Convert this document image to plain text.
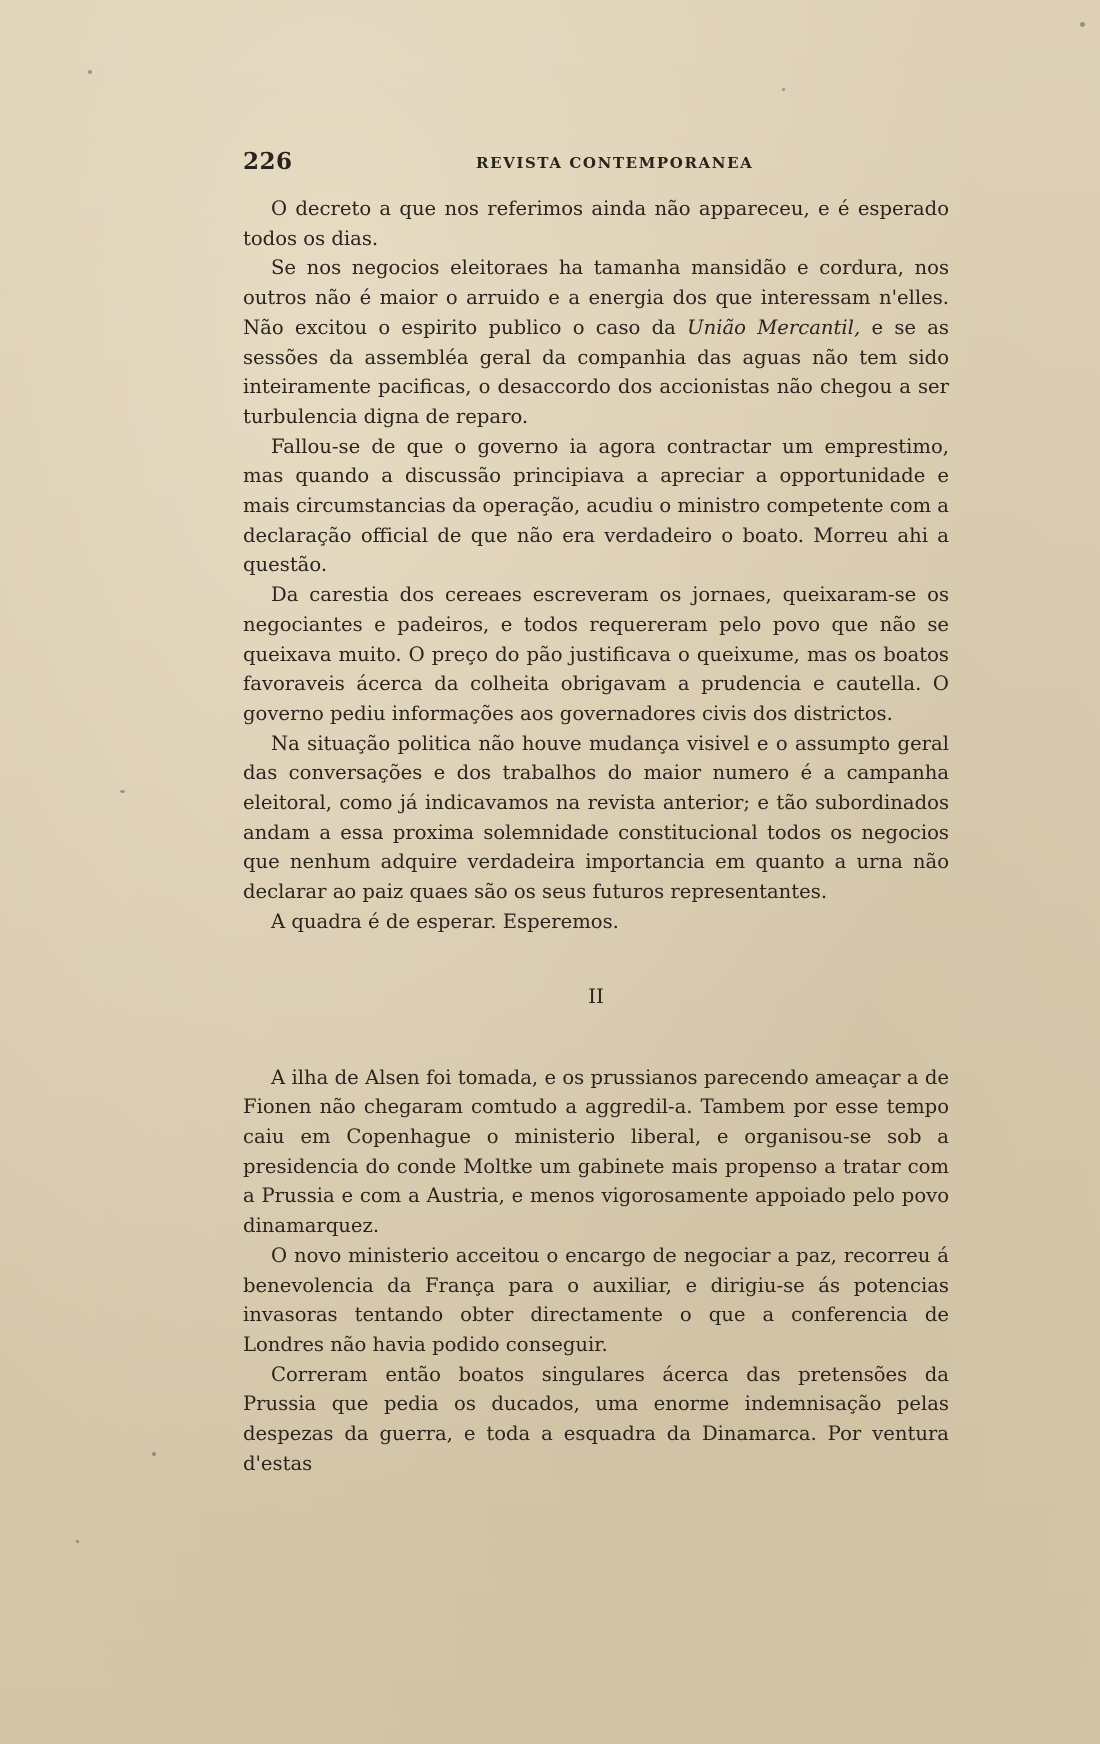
226	REVISTA CONTEMPORANEA

O decreto a que nos referimos ainda não appareceu, e é esperado todos os dias.

Se nos negocios eleitoraes ha tamanha mansidão e cordura, nos outros não é maior o arruido e a energia dos que interessam n'elles. Não excitou o espirito publico o caso da União Mercantil, e se as sessões da assembléa geral da companhia das aguas não tem sido inteiramente pacificas, o desaccordo dos accionistas não chegou a ser turbulencia digna de reparo.

Fallou-se de que o governo ia agora contractar um emprestimo, mas quando a discussão principiava a apreciar a opportunidade e mais circumstancias da operação, acudiu o ministro competente com a declaração official de que não era verdadeiro o boato. Morreu ahi a questão.

Da carestia dos cereaes escreveram os jornaes, queixaram-se os negociantes e padeiros, e todos requereram pelo povo que não se queixava muito. O preço do pão justificava o queixume, mas os boatos favoraveis ácerca da colheita obrigavam a prudencia e cautella. O governo pediu informações aos governadores civis dos districtos.

Na situação politica não houve mudança visivel e o assumpto geral das conversações e dos trabalhos do maior numero é a campanha eleitoral, como já indicavamos na revista anterior; e tão subordinados andam a essa proxima solemnidade constitucional todos os negocios que nenhum adquire verdadeira importancia em quanto a urna não declarar ao paiz quaes são os seus futuros representantes.

A quadra é de esperar. Esperemos.

II

A ilha de Alsen foi tomada, e os prussianos parecendo ameaçar a de Fionen não chegaram comtudo a aggredil-a. Tambem por esse tempo caiu em Copenhague o ministerio liberal, e organisou-se sob a presidencia do conde Moltke um gabinete mais propenso a tratar com a Prussia e com a Austria, e menos vigorosamente appoiado pelo povo dinamarquez.

O novo ministerio acceitou o encargo de negociar a paz, recorreu á benevolencia da França para o auxiliar, e dirigiu-se ás potencias invasoras tentando obter directamente o que a conferencia de Londres não havia podido conseguir.

Correram então boatos singulares ácerca das pretensões da Prussia que pedia os ducados, uma enorme indemnisação pelas despezas da guerra, e toda a esquadra da Dinamarca. Por ventura d'estas
